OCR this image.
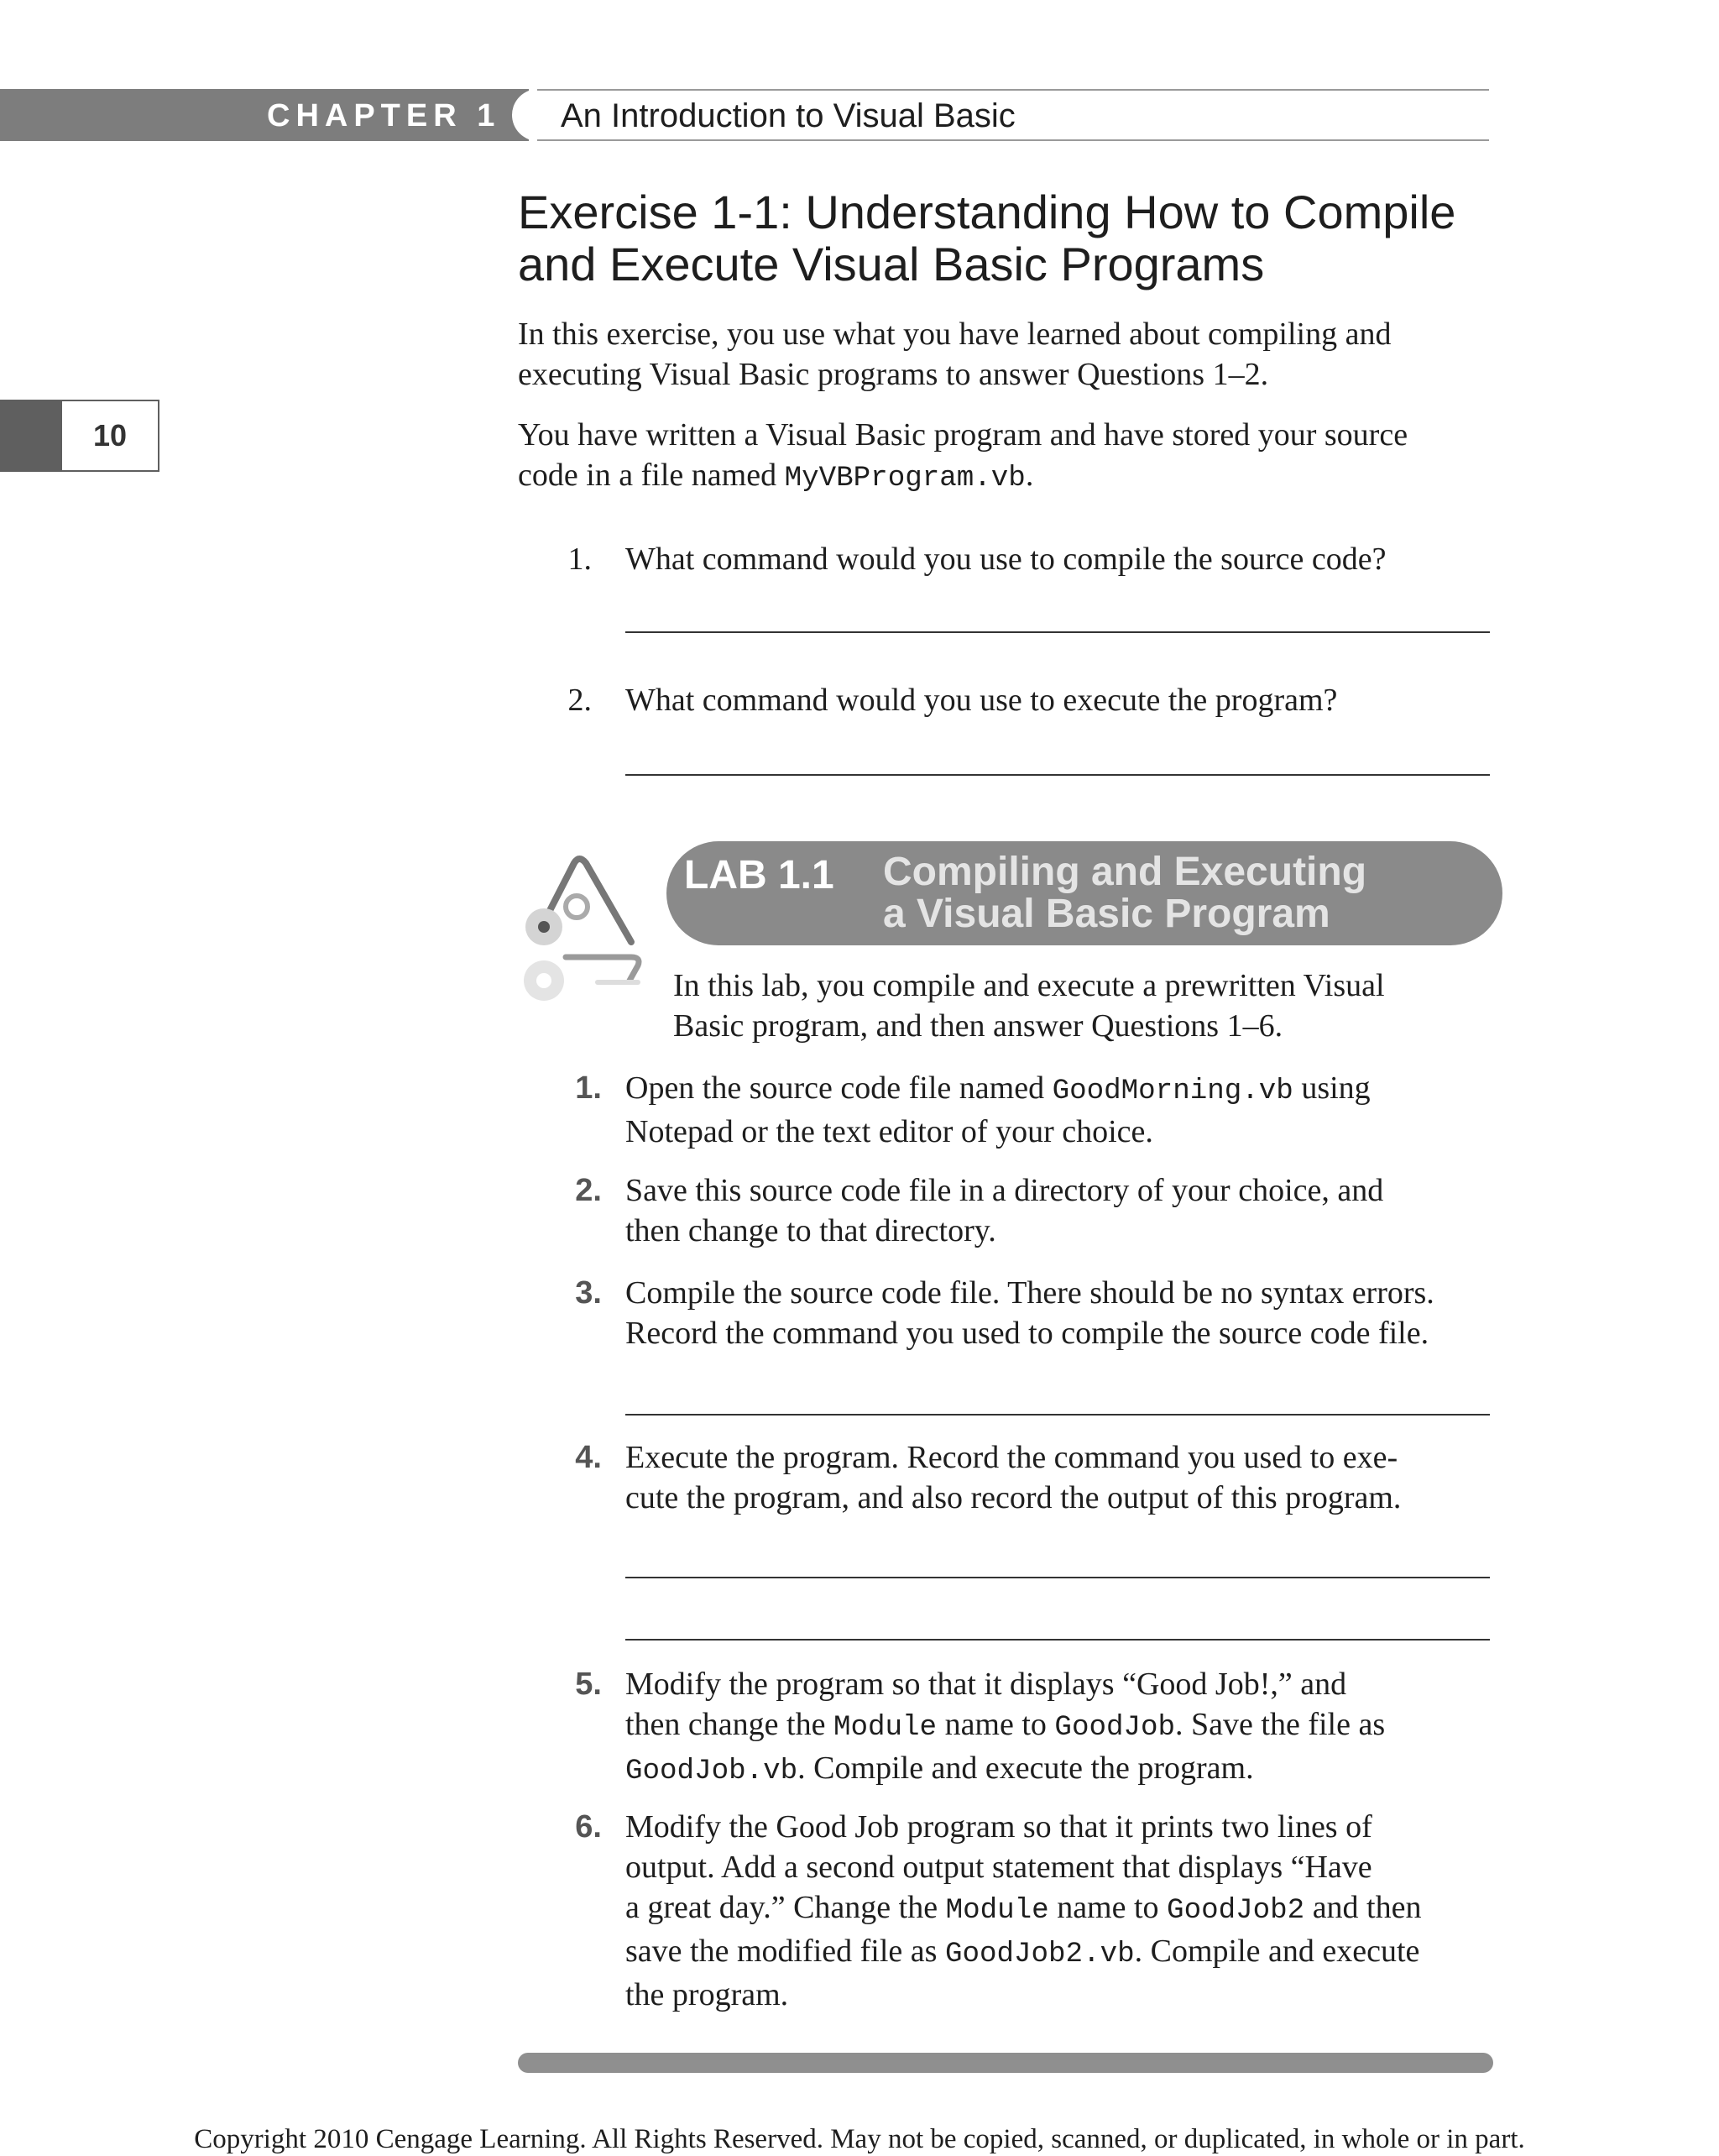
CHAPTER 1 An Introduction to Visual Basic
10
Exercise 1-1: Understanding How to Compile
and Execute Visual Basic Programs

In this exercise, you use what you have learned about compiling and
executing Visual Basic programs to answer Questions 1–2.

You have written a Visual Basic program and have stored your source
code in a file named MyVBProgram.vb.

1. What command would you use to compile the source code?
2. What command would you use to execute the program?
LAB 1.1 Compiling and Executing
a Visual Basic Program

In this lab, you compile and execute a prewritten Visual
Basic program, and then answer Questions 1–6.

1. Open the source code file named GoodMorning.vb using
Notepad or the text editor of your choice.
2. Save this source code file in a directory of your choice, and
then change to that directory.
3. Compile the source code file. There should be no syntax errors.
Record the command you used to compile the source code file.
4. Execute the program. Record the command you used to exe-
cute the program, and also record the output of this program.
5. Modify the program so that it displays “Good Job!,” and
then change the Module name to GoodJob. Save the file as
GoodJob.vb. Compile and execute the program.
6. Modify the Good Job program so that it prints two lines of
output. Add a second output statement that displays “Have
a great day.” Change the Module name to GoodJob2 and then
save the modified file as GoodJob2.vb. Compile and execute
the program.
Copyright 2010 Cengage Learning. All Rights Reserved. May not be copied, scanned, or duplicated, in whole or in part.
